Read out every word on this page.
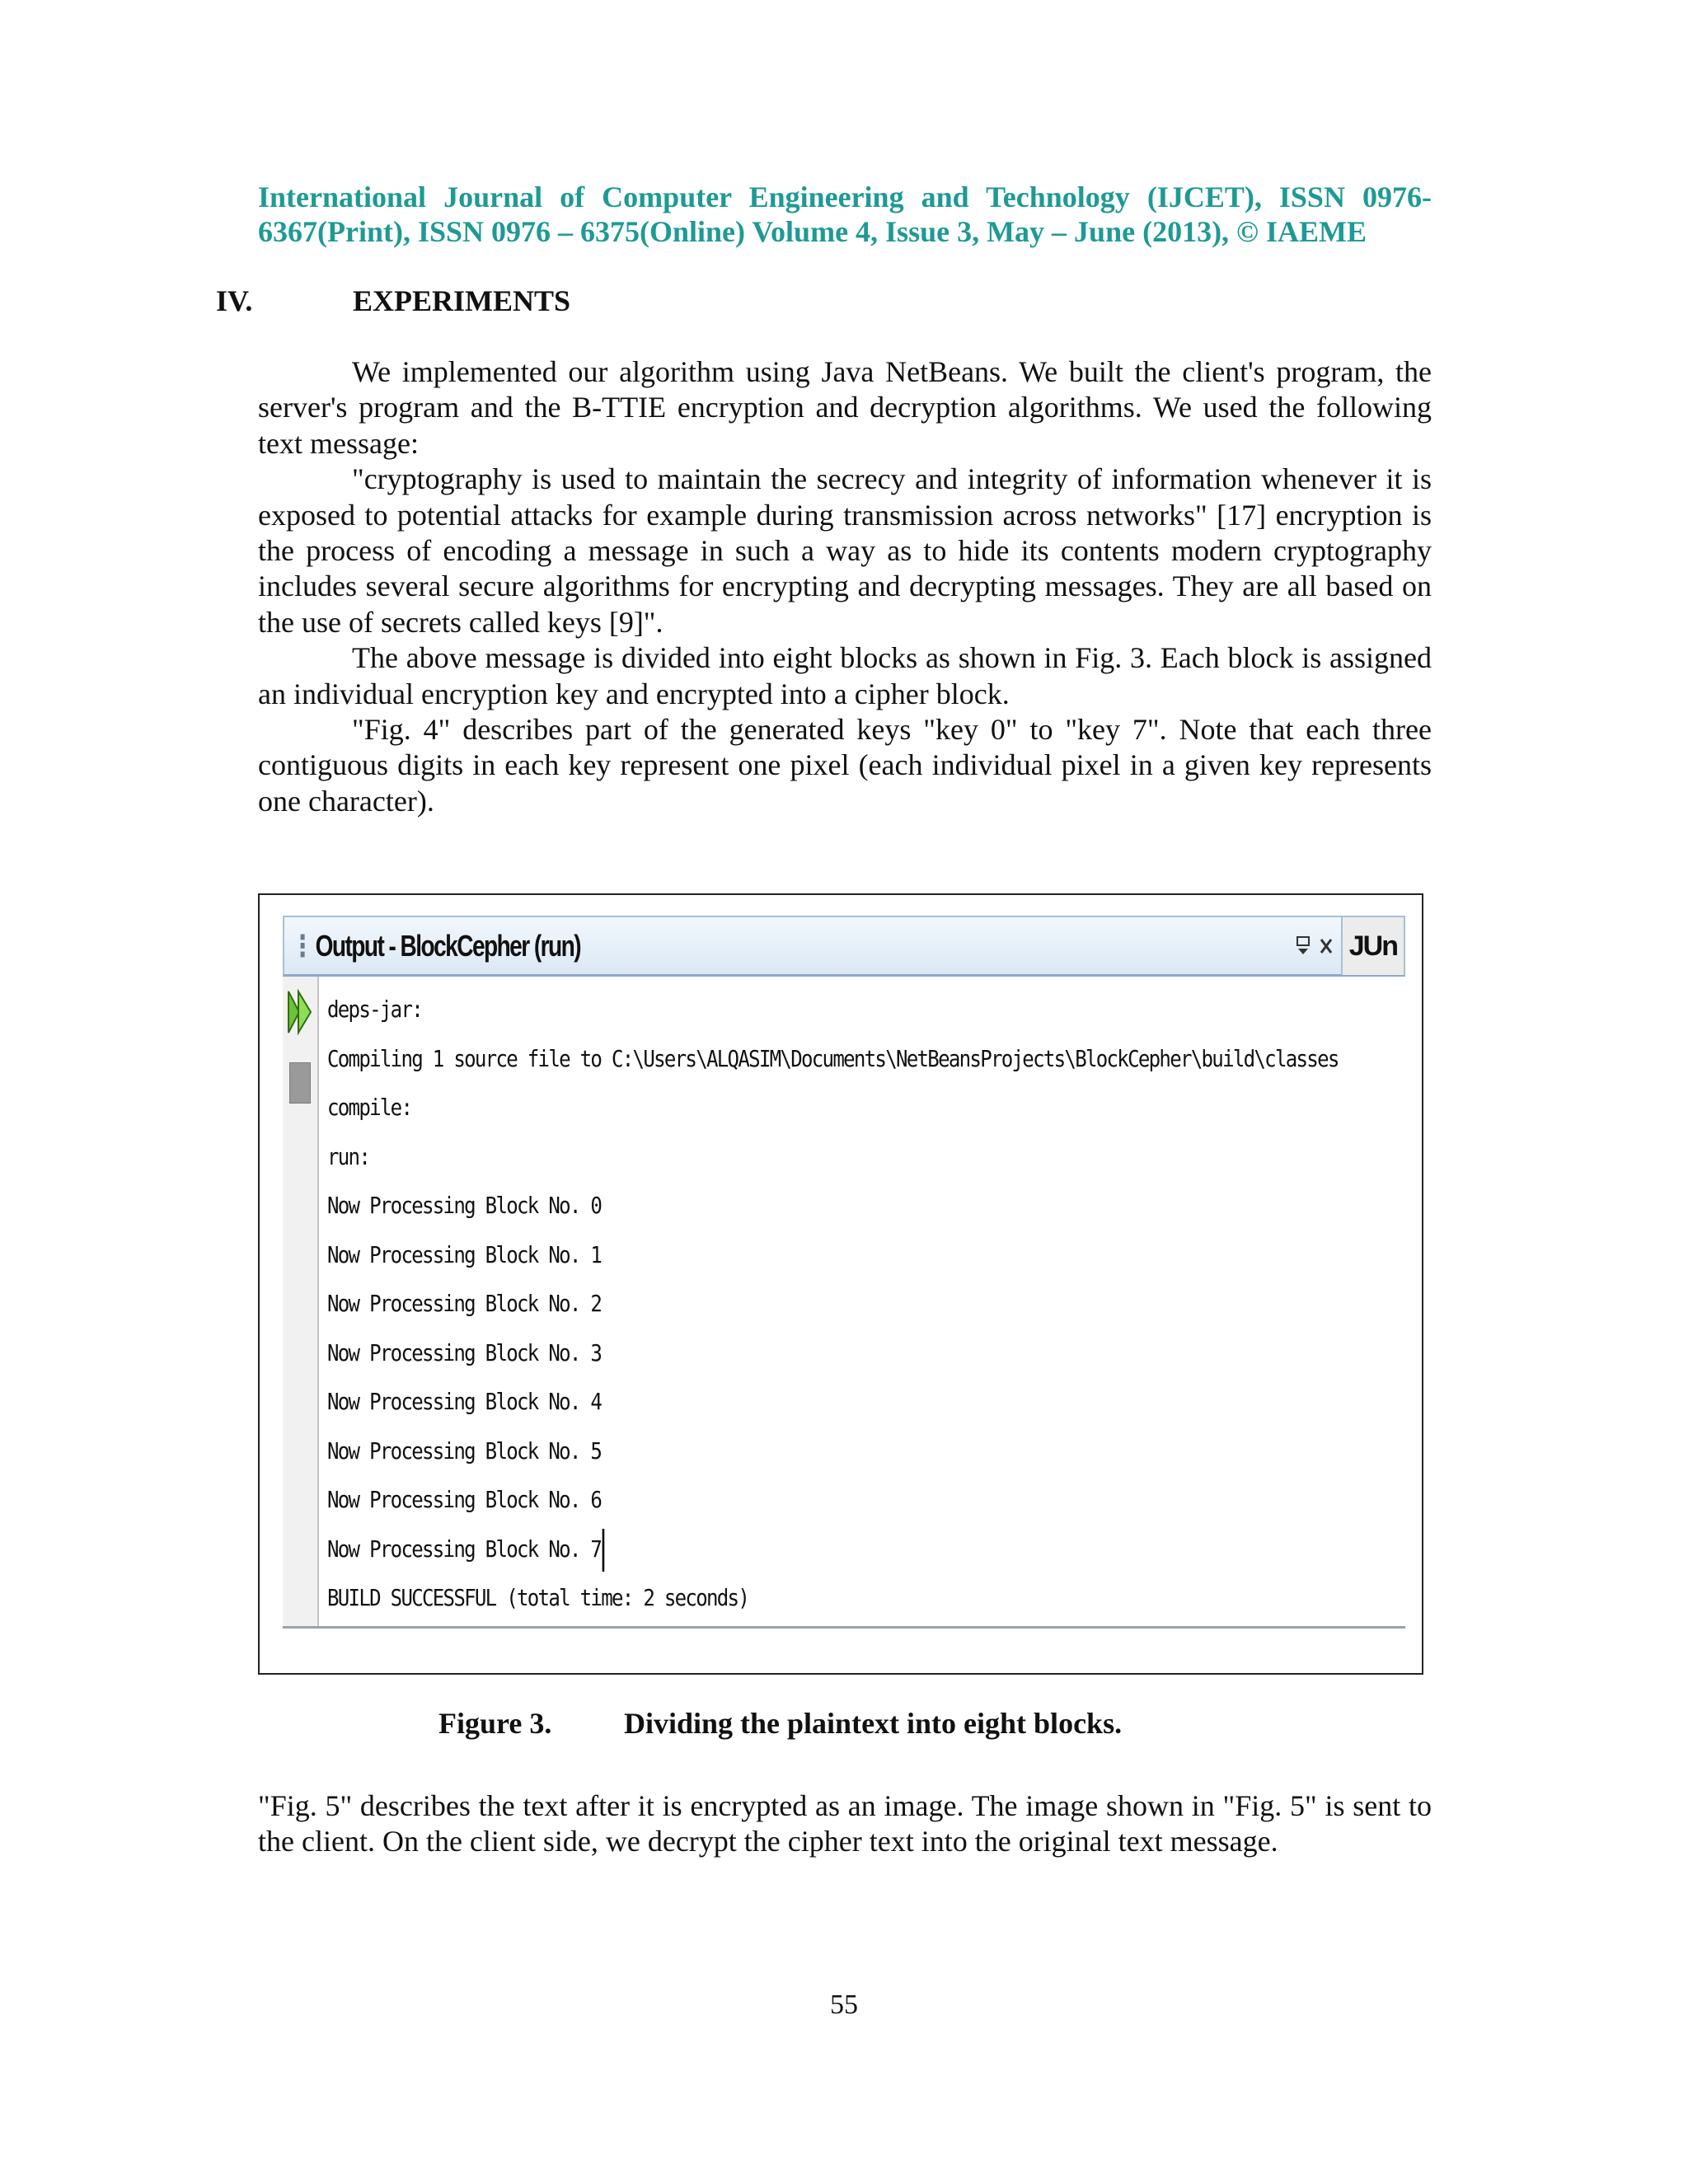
International Journal of Computer Engineering and Technology (IJCET), ISSN 0976- 6367(Print), ISSN 0976 – 6375(Online) Volume 4, Issue 3, May – June (2013), © IAEME
IV.	EXPERIMENTS

We implemented our algorithm using Java NetBeans. We built the client's program, the server's program and the B-TTIE encryption and decryption algorithms. We used the following text message:

"cryptography is used to maintain the secrecy and integrity of information whenever it is exposed to potential attacks for example during transmission across networks" [17] encryption is the process of encoding a message in such a way as to hide its contents modern cryptography includes several secure algorithms for encrypting and decrypting messages. They are all based on the use of secrets called keys [9]".

The above message is divided into eight blocks as shown in Fig. 3. Each block is assigned an individual encryption key and encrypted into a cipher block.

"Fig. 4" describes part of the generated keys "key 0" to "key 7". Note that each three contiguous digits in each key represent one pixel (each individual pixel in a given key represents one character).

⋮Output - BlockCepher (run)	JUn
deps-jar:
Compiling 1 source file to C:\Users\ALQASIM\Documents\NetBeansProjects\BlockCepher\build\classes
compile:
run:
Now Processing Block No. 0
Now Processing Block No. 1
Now Processing Block No. 2
Now Processing Block No. 3
Now Processing Block No. 4
Now Processing Block No. 5
Now Processing Block No. 6
Now Processing Block No. 7
BUILD SUCCESSFUL (total time: 2 seconds)
Figure 3. Dividing the plaintext into eight blocks.

"Fig. 5" describes the text after it is encrypted as an image. The image shown in "Fig. 5" is sent to the client. On the client side, we decrypt the cipher text into the original text message.

55
